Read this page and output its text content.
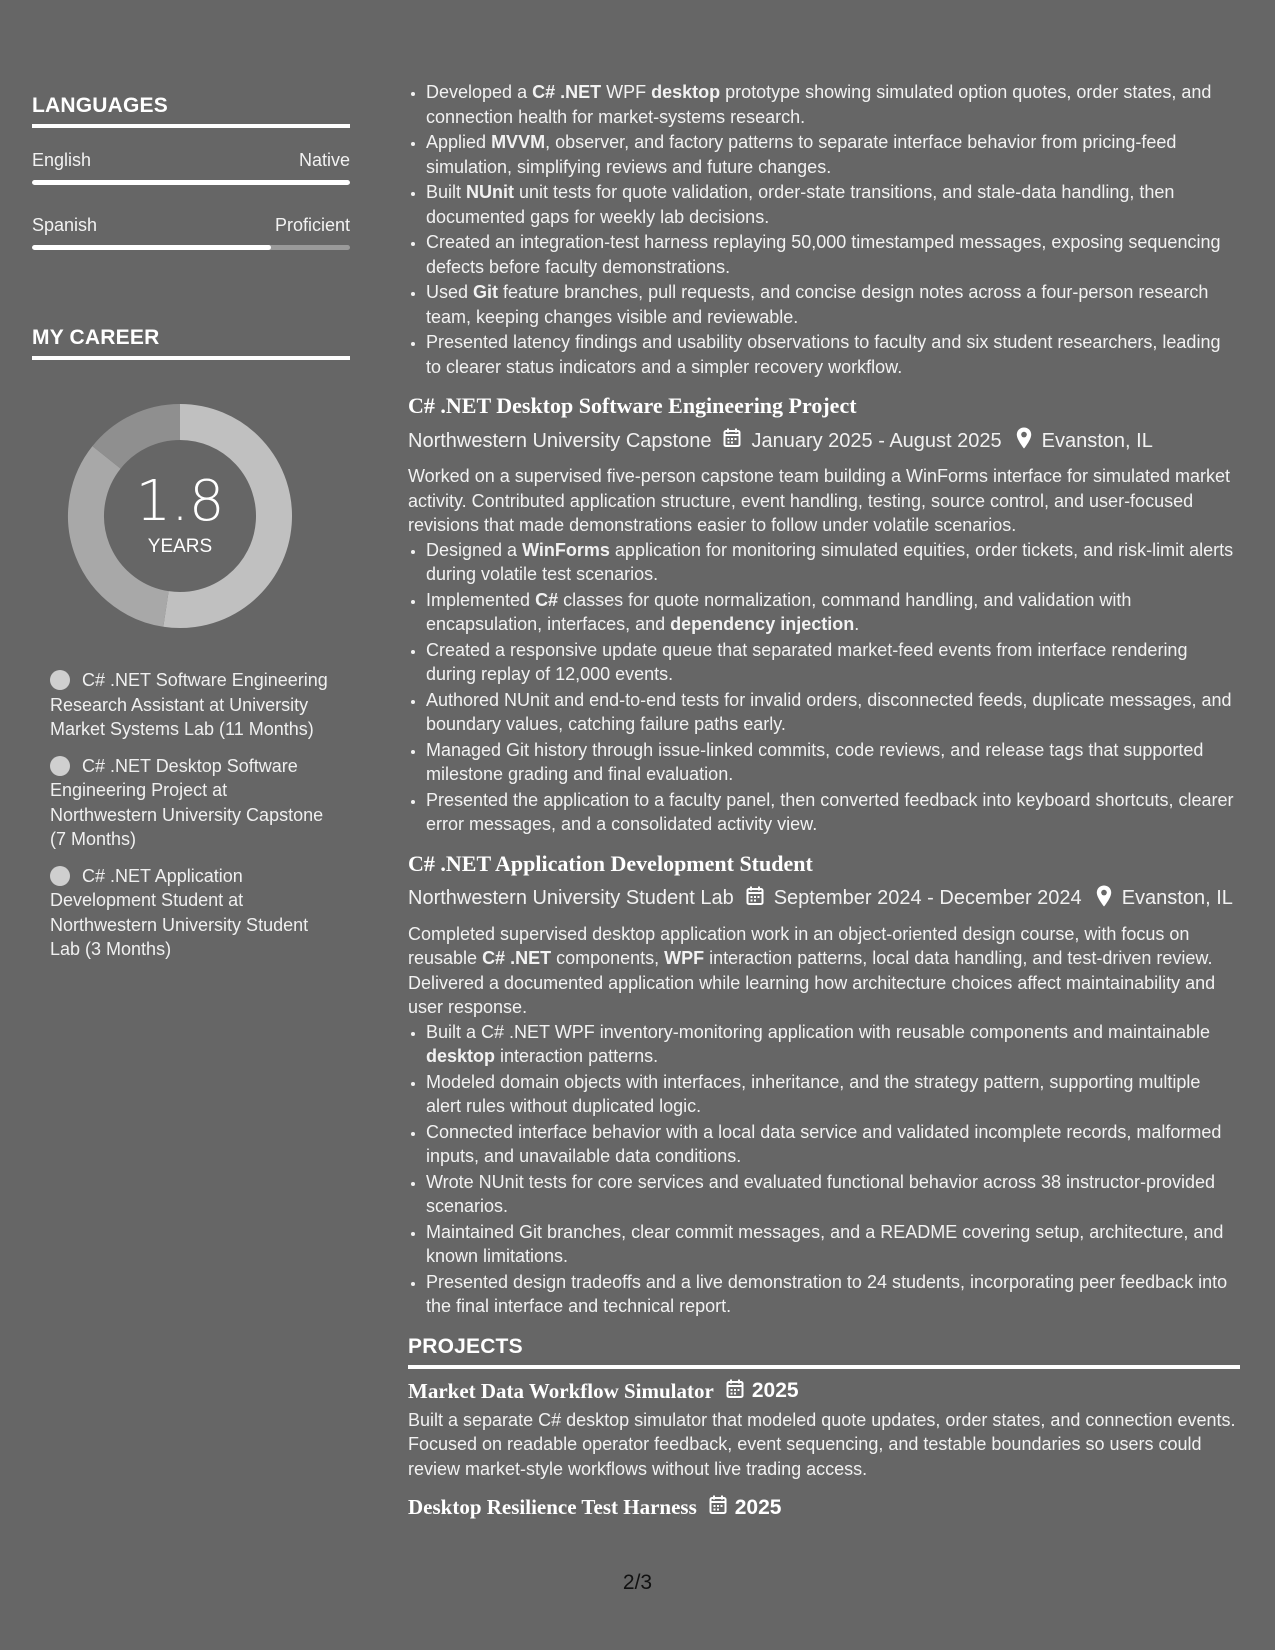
LANGUAGES
English	Native
Spanish	Proficient
MY CAREER
1.8
YEARS
C# .NET Software Engineering Research Assistant at University Market Systems Lab (11 Months)
C# .NET Desktop Software Engineering Project at Northwestern University Capstone (7 Months)
C# .NET Application Development Student at Northwestern University Student Lab (3 Months)
• Developed a C# .NET WPF desktop prototype showing simulated option quotes, order states, and connection health for market-systems research.
• Applied MVVM, observer, and factory patterns to separate interface behavior from pricing-feed simulation, simplifying reviews and future changes.
• Built NUnit unit tests for quote validation, order-state transitions, and stale-data handling, then documented gaps for weekly lab decisions.
• Created an integration-test harness replaying 50,000 timestamped messages, exposing sequencing defects before faculty demonstrations.
• Used Git feature branches, pull requests, and concise design notes across a four-person research team, keeping changes visible and reviewable.
• Presented latency findings and usability observations to faculty and six student researchers, leading to clearer status indicators and a simpler recovery workflow.
C# .NET Desktop Software Engineering Project
Northwestern University Capstone January 2025 - August 2025 Evanston, IL
Worked on a supervised five-person capstone team building a WinForms interface for simulated market activity. Contributed application structure, event handling, testing, source control, and user-focused revisions that made demonstrations easier to follow under volatile scenarios.
• Designed a WinForms application for monitoring simulated equities, order tickets, and risk-limit alerts during volatile test scenarios.
• Implemented C# classes for quote normalization, command handling, and validation with encapsulation, interfaces, and dependency injection.
• Created a responsive update queue that separated market-feed events from interface rendering during replay of 12,000 events.
• Authored NUnit and end-to-end tests for invalid orders, disconnected feeds, duplicate messages, and boundary values, catching failure paths early.
• Managed Git history through issue-linked commits, code reviews, and release tags that supported milestone grading and final evaluation.
• Presented the application to a faculty panel, then converted feedback into keyboard shortcuts, clearer error messages, and a consolidated activity view.
C# .NET Application Development Student
Northwestern University Student Lab September 2024 - December 2024 Evanston, IL
Completed supervised desktop application work in an object-oriented design course, with focus on reusable C# .NET components, WPF interaction patterns, local data handling, and test-driven review. Delivered a documented application while learning how architecture choices affect maintainability and user response.
• Built a C# .NET WPF inventory-monitoring application with reusable components and maintainable desktop interaction patterns.
• Modeled domain objects with interfaces, inheritance, and the strategy pattern, supporting multiple alert rules without duplicated logic.
• Connected interface behavior with a local data service and validated incomplete records, malformed inputs, and unavailable data conditions.
• Wrote NUnit tests for core services and evaluated functional behavior across 38 instructor-provided scenarios.
• Maintained Git branches, clear commit messages, and a README covering setup, architecture, and known limitations.
• Presented design tradeoffs and a live demonstration to 24 students, incorporating peer feedback into the final interface and technical report.
PROJECTS
Market Data Workflow Simulator 2025
Built a separate C# desktop simulator that modeled quote updates, order states, and connection events. Focused on readable operator feedback, event sequencing, and testable boundaries so users could review market-style workflows without live trading access.
Desktop Resilience Test Harness 2025
2/3
